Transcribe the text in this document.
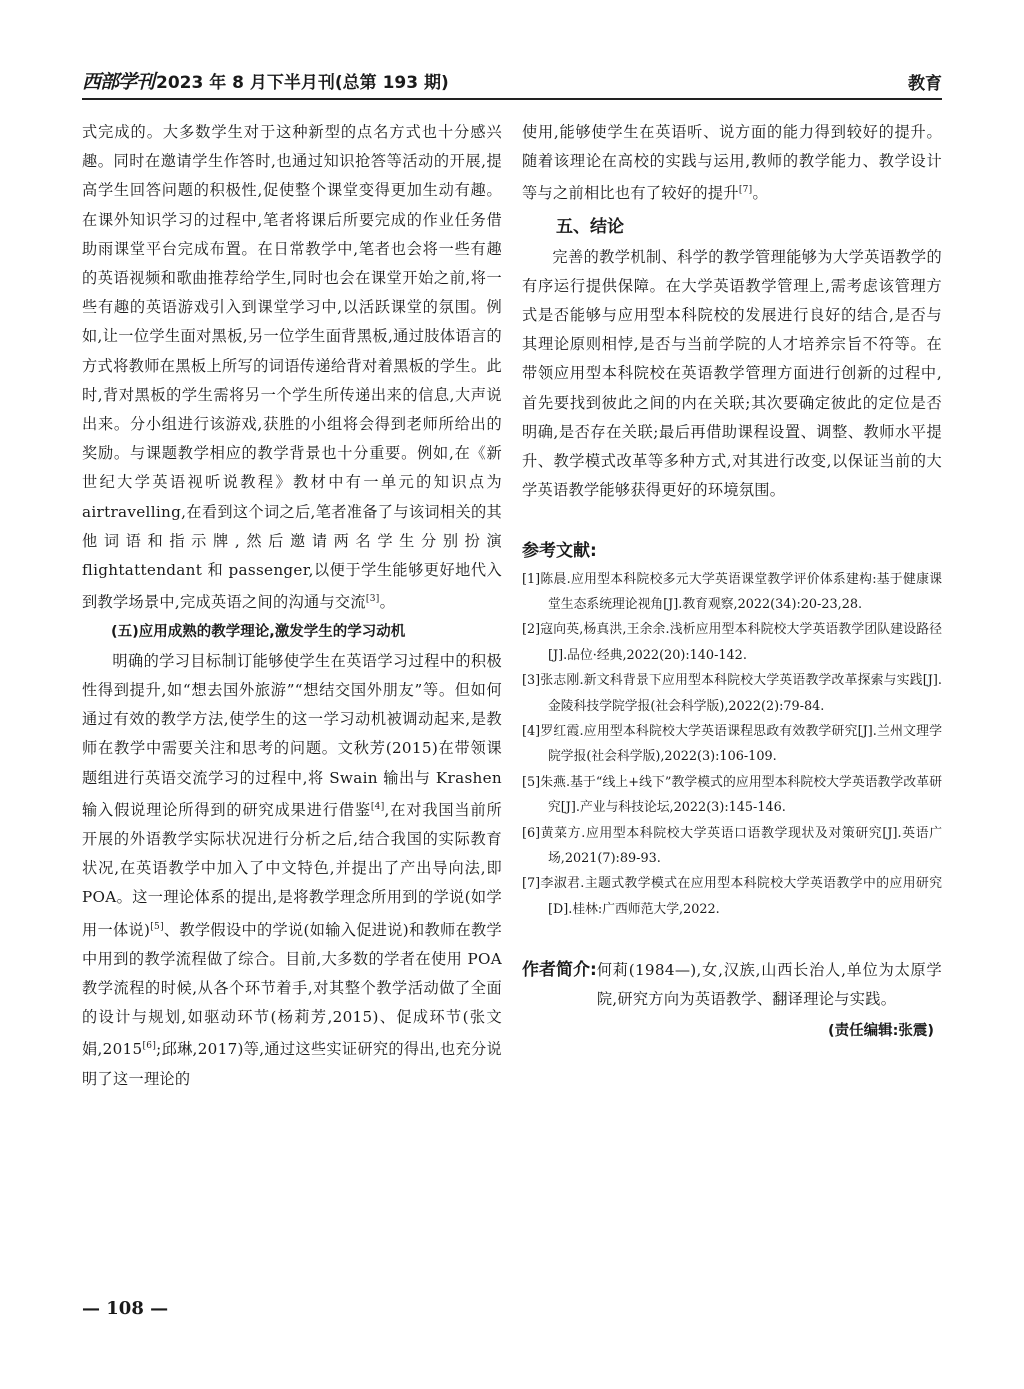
西部学刊 2023 年 8 月下半月刊(总第 193 期)	教育

式完成的。大多数学生对于这种新型的点名方式也十分感兴趣。同时在邀请学生作答时,也通过知识抢答等活动的开展,提高学生回答问题的积极性,促使整个课堂变得更加生动有趣。在课外知识学习的过程中,笔者将课后所要完成的作业任务借助雨课堂平台完成布置。在日常教学中,笔者也会将一些有趣的英语视频和歌曲推荐给学生,同时也会在课堂开始之前,将一些有趣的英语游戏引入到课堂学习中,以活跃课堂的氛围。例如,让一位学生面对黑板,另一位学生面背黑板,通过肢体语言的方式将教师在黑板上所写的词语传递给背对着黑板的学生。此时,背对黑板的学生需将另一个学生所传递出来的信息,大声说出来。分小组进行该游戏,获胜的小组将会得到老师所给出的奖励。与课题教学相应的教学背景也十分重要。例如,在《新世纪大学英语视听说教程》教材中有一单元的知识点为 airtravelling,在看到这个词之后,笔者准备了与该词相关的其他词语和指示牌,然后邀请两名学生分别扮演 flightattendant 和 passenger,以便于学生能够更好地代入到教学场景中,完成英语之间的沟通与交流[3]。

(五)应用成熟的教学理论,激发学生的学习动机

明确的学习目标制订能够使学生在英语学习过程中的积极性得到提升,如“想去国外旅游”“想结交国外朋友”等。但如何通过有效的教学方法,使学生的这一学习动机被调动起来,是教师在教学中需要关注和思考的问题。文秋芳(2015)在带领课题组进行英语交流学习的过程中,将 Swain 输出与 Krashen 输入假说理论所得到的研究成果进行借鉴[4],在对我国当前所开展的外语教学实际状况进行分析之后,结合我国的实际教育状况,在英语教学中加入了中文特色,并提出了产出导向法,即 POA。这一理论体系的提出,是将教学理念所用到的学说(如学用一体说)[5]、教学假设中的学说(如输入促进说)和教师在教学中用到的教学流程做了综合。目前,大多数的学者在使用 POA 教学流程的时候,从各个环节着手,对其整个教学活动做了全面的设计与规划,如驱动环节(杨莉芳,2015)、促成环节(张文娟,2015[6];邱琳,2017)等,通过这些实证研究的得出,也充分说明了这一理论的

使用,能够使学生在英语听、说方面的能力得到较好的提升。随着该理论在高校的实践与运用,教师的教学能力、教学设计等与之前相比也有了较好的提升[7]。

五、结论

完善的教学机制、科学的教学管理能够为大学英语教学的有序运行提供保障。在大学英语教学管理上,需考虑该管理方式是否能够与应用型本科院校的发展进行良好的结合,是否与其理论原则相悖,是否与当前学院的人才培养宗旨不符等。在带领应用型本科院校在英语教学管理方面进行创新的过程中,首先要找到彼此之间的内在关联;其次要确定彼此的定位是否明确,是否存在关联;最后再借助课程设置、调整、教师水平提升、教学模式改革等多种方式,对其进行改变,以保证当前的大学英语教学能够获得更好的环境氛围。

参考文献:
[1]陈晨.应用型本科院校多元大学英语课堂教学评价体系建构:基于健康课堂生态系统理论视角[J].教育观察,2022(34):20-23,28.
[2]寇向英,杨真洪,王余余.浅析应用型本科院校大学英语教学团队建设路径[J].品位·经典,2022(20):140-142.
[3]张志刚.新文科背景下应用型本科院校大学英语教学改革探索与实践[J].金陵科技学院学报(社会科学版),2022(2):79-84.
[4]罗红霞.应用型本科院校大学英语课程思政有效教学研究[J].兰州文理学院学报(社会科学版),2022(3):106-109.
[5]朱燕.基于“线上+线下”教学模式的应用型本科院校大学英语教学改革研究[J].产业与科技论坛,2022(3):145-146.
[6]黄菜方.应用型本科院校大学英语口语教学现状及对策研究[J].英语广场,2021(7):89-93.
[7]李淑君.主题式教学模式在应用型本科院校大学英语教学中的应用研究[D].桂林:广西师范大学,2022.
作者简介: 何莉(1984—),女,汉族,山西长治人,单位为太原学院,研究方向为英语教学、翻译理论与实践。
(责任编辑:张震)
— 108 —
